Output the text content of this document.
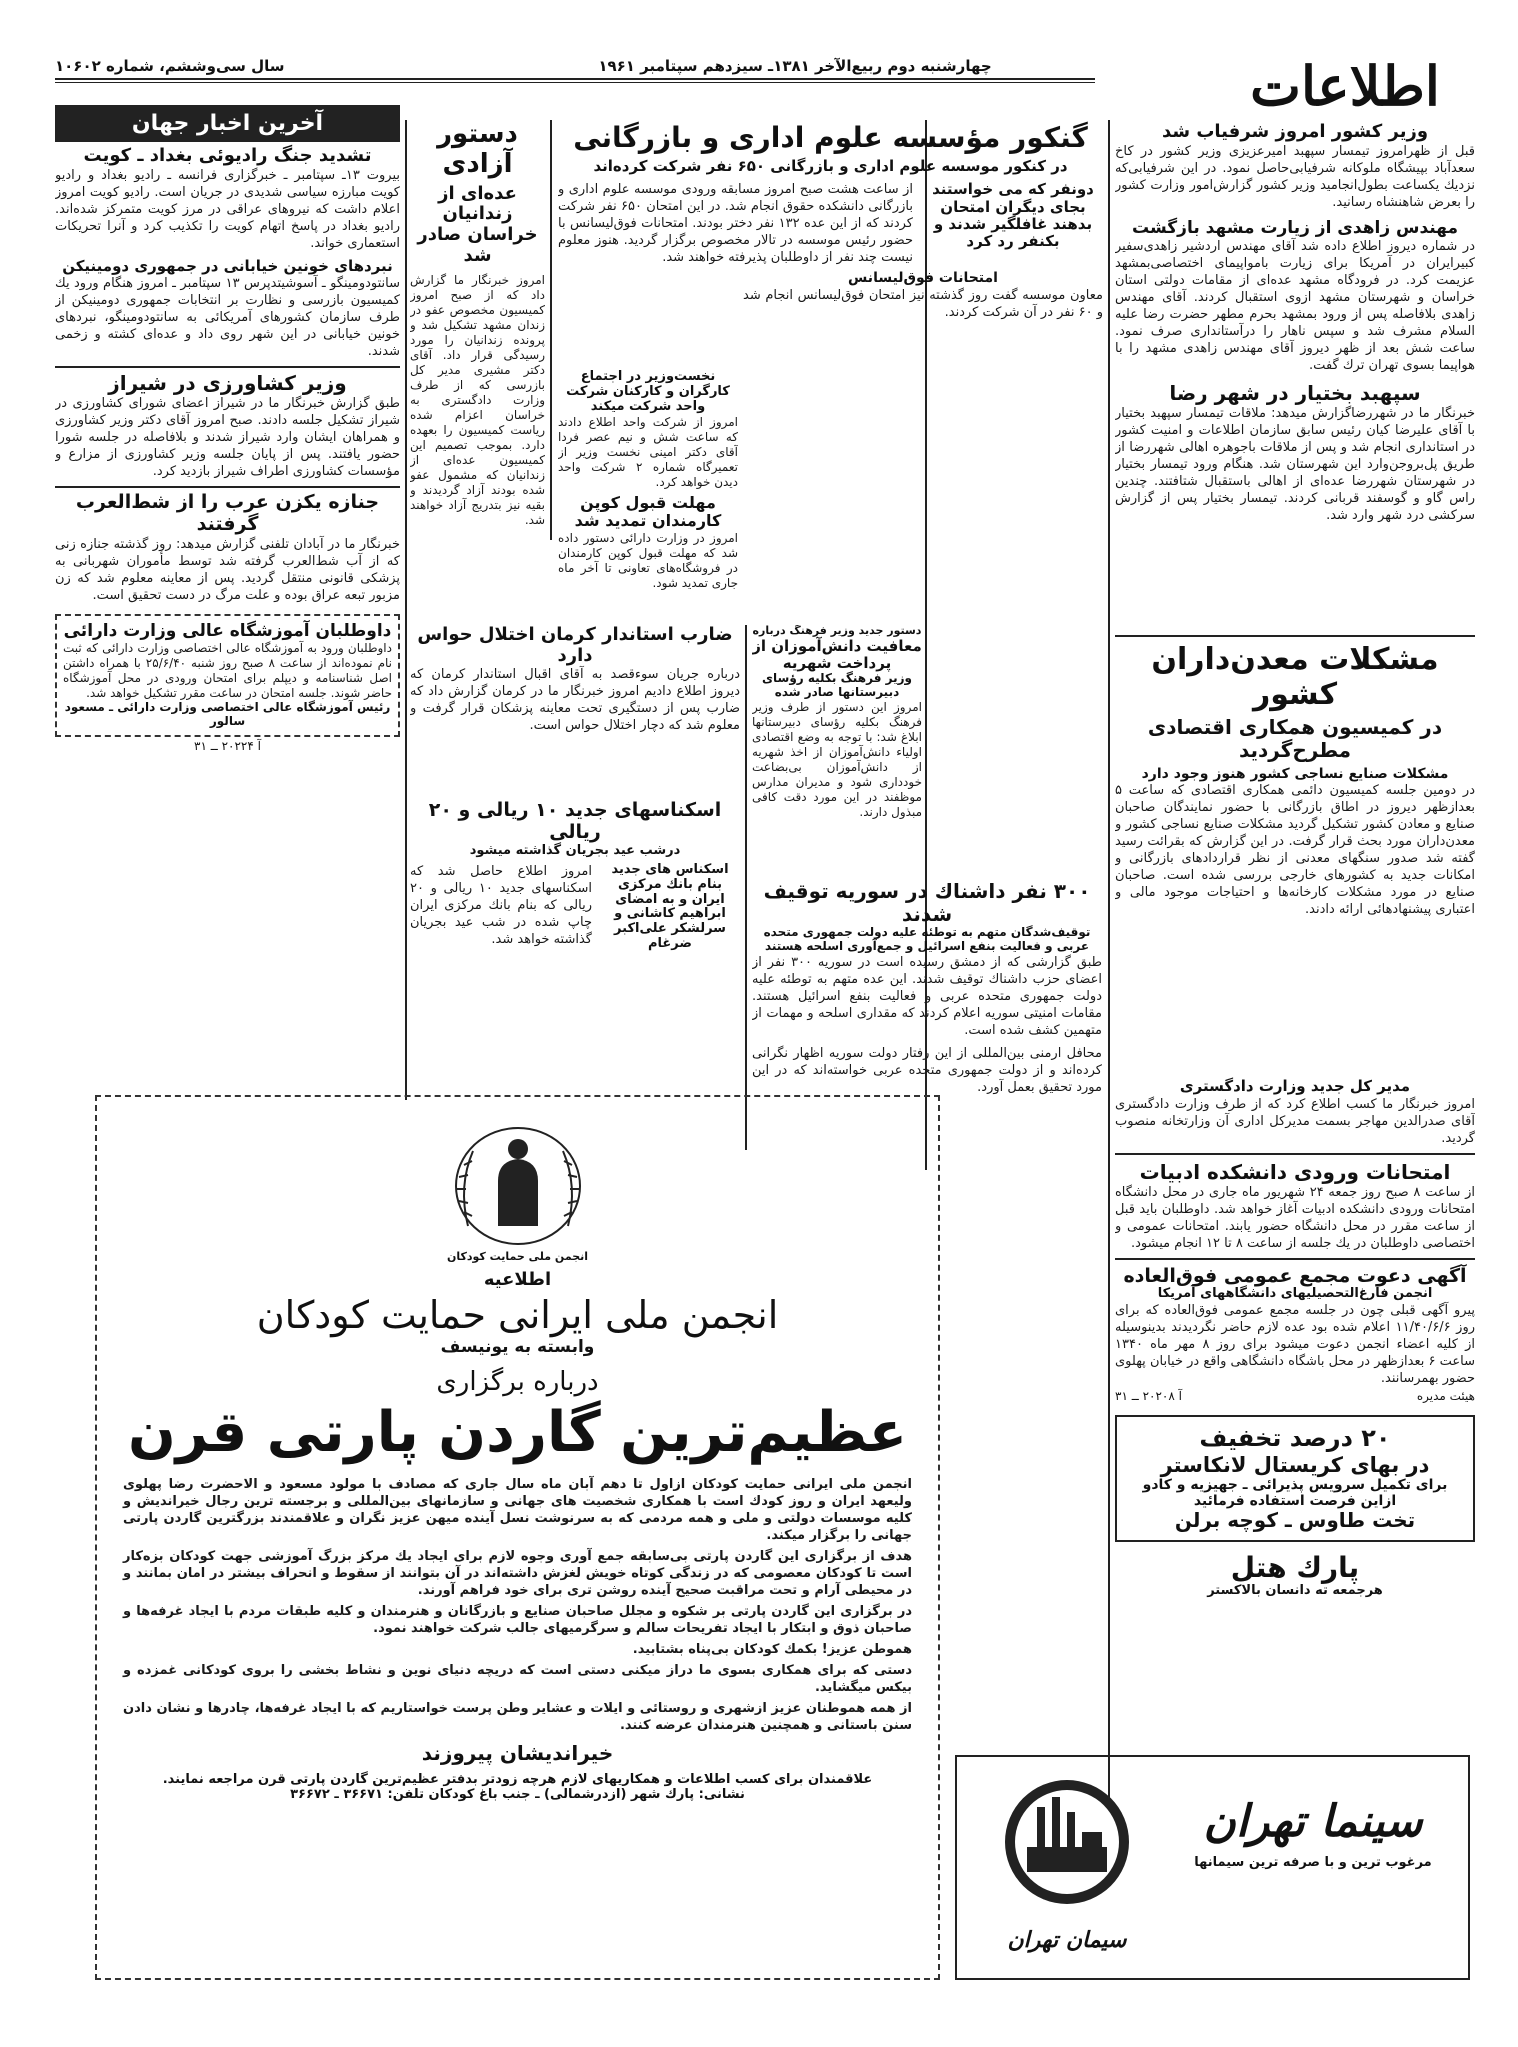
اطلاعات
چهارشنبه دوم ربیع‌الآخر ۱۳۸۱ـ سیزدهم سپتامبر ۱۹۶۱
سال سی‌وششم، شماره ۱۰۶۰۲
وزیر کشور امروز شرفیاب شد
قبل از ظهرامروز تیمسار سپهبد امیرعزیزی وزیر کشور در کاخ سعدآباد بپیشگاه ملوکانه شرفیابی‌حاصل نمود. در این شرفیابی‌که نزدیك یکساعت بطول‌انجامید وزیر کشور گزارش‌امور وزارت کشور را بعرض شاهنشاه رسانید.
مهندس زاهدی از زیارت مشهد بازگشت
در شماره دیروز اطلاع داده شد آقای مهندس اردشیر زاهدی‌سفیر کبیرایران در آمریکا برای زیارت بامواپیمای اختصاصی‌بمشهد عزیمت کرد. در فرودگاه مشهد عده‌ای از مقامات دولتی استان خراسان و شهرستان مشهد ازوی استقبال کردند. آقای مهندس زاهدی بلافاصله پس از ورود بمشهد بحرم مطهر حضرت رضا علیه السلام مشرف شد و سپس ناهار را درآستانداری صرف نمود. ساعت شش بعد از ظهر دیروز آقای مهندس زاهدی مشهد را با هواپیما بسوی تهران ترك گفت.
سپهبد بختیار در شهر رضا
خبرنگار ما در شهررضاگزارش میدهد: ملاقات تیمسار سپهبد بختیار با آقای علیرضا کیان رئیس سابق سازمان اطلاعات و امنیت کشور در استانداری انجام شد و پس از ملاقات باجوهره اهالی شهررضا از طریق پل‌بروجن‌وارد این شهرستان شد. هنگام ورود تیمسار بختیار در شهرستان شهررضا عده‌ای از اهالی باستقبال شتافتند. چندین راس گاو و گوسفند قربانی کردند. تیمسار بختیار پس از گزارش سرکشی درد شهر وارد شد.
مشکلات معدن‌داران کشور
در کمیسیون همکاری اقتصادی مطرح‌گردید
مشکلات صنایع نساجی کشور هنوز وجود دارد
در دومین جلسه کمیسیون دائمی همکاری اقتصادی که ساعت ۵ بعدازظهر دیروز در اطاق بازرگانی با حضور نمایندگان صاحبان صنایع و معادن کشور تشکیل گردید مشکلات صنایع نساجی کشور و معدن‌داران مورد بحث قرار گرفت. در این گزارش که بقرائت رسید گفته شد صدور سنگهای معدنی از نظر قراردادهای بازرگانی و امکانات جدید به کشورهای خارجی بررسی شده است. صاحبان صنایع در مورد مشکلات کارخانه‌ها و احتیاجات موجود مالی و اعتباری پیشنهادهائی ارائه دادند.
مدیر کل جدید وزارت دادگستری
امروز خبرنگار ما کسب اطلاع کرد که از طرف وزارت دادگستری آقای صدرالدین مهاجر بسمت مدیرکل اداری آن وزارتخانه منصوب گردید.
امتحانات ورودی دانشکده ادبیات
از ساعت ۸ صبح روز جمعه ۲۴ شهریور ماه جاری در محل دانشگاه امتحانات ورودی دانشکده ادبیات آغاز خواهد شد. داوطلبان باید قبل از ساعت مقرر در محل دانشگاه حضور یابند. امتحانات عمومی و اختصاصی داوطلبان در یك جلسه از ساعت ۸ تا ۱۲ انجام میشود.
آگهی دعوت مجمع عمومی فوق‌العاده
انجمن فارغ‌التحصیلیهای دانشگاههای آمریکا
پیرو آگهی قبلی چون در جلسه مجمع عمومی فوق‌العاده که برای روز ۱۱/۴۰/۶/۶ اعلام شده بود عده لازم حاضر نگردیدند بدینوسیله از کلیه اعضاء انجمن دعوت میشود برای روز ۸ مهر ماه ۱۳۴۰ ساعت ۶ بعدازظهر در محل باشگاه دانشگاهی واقع در خیابان پهلوی حضور بهمرسانند.
هیئت مدیره
آ ۲۰۲۰۸ ــ ۳۱
۲۰ درصد تخفیف
در بهای کریستال لانکاستر
برای تکمیل سرویس پذیرائی ـ جهیزیه و کادو
ازاین فرصت استفاده فرمائید
تخت طاوس ـ کوچه برلن
پارك هتل
هرجمعه ته دانسان بالاکستر
گنکور مؤسسه علوم اداری و بازرگانی
در کنکور موسسه علوم اداری و بازرگانی ۶۵۰ نفر شرکت کرده‌اند
دونفر که می خواستند بجای دیگران امتحان بدهند غافلگیر شدند و بکنفر رد کرد
از ساعت هشت صبح امروز مسابقه ورودی موسسه علوم اداری و بازرگانی دانشکده حقوق انجام شد. در این امتحان ۶۵۰ نفر شرکت کردند که از این عده ۱۳۲ نفر دختر بودند. امتحانات فوق‌لیسانس با حضور رئیس موسسه در تالار مخصوص برگزار گردید. هنوز معلوم نیست چند نفر از داوطلبان پذیرفته خواهند شد.
امتحانات فوق‌لیسانس
معاون موسسه گفت روز گذشته نیز امتحان فوق‌لیسانس انجام شد و ۶۰ نفر در آن شرکت کردند.
نخست‌وزیر در اجتماع کارگران و کارکنان شرکت واحد شرکت میکند
امروز از شرکت واحد اطلاع دادند که ساعت شش و نیم عصر فردا آقای دکتر امینی نخست وزیر از تعمیرگاه شماره ۲ شرکت واحد دیدن خواهد کرد.
مهلت قبول کوپن کارمندان تمدید شد
امروز در وزارت دارائی دستور داده شد که مهلت قبول کوپن کارمندان در فروشگاه‌های تعاونی تا آخر ماه جاری تمدید شود.
ضارب استاندار کرمان اختلال حواس دارد
درباره جریان سوءقصد به آقای اقبال استاندار کرمان که دیروز اطلاع دادیم امروز خبرنگار ما در کرمان گزارش داد که ضارب پس از دستگیری تحت معاینه پزشکان قرار گرفت و معلوم شد که دچار اختلال حواس است.
دستور جدید وزیر فرهنگ درباره
معافیت دانش‌آموزان از پرداخت شهریه
وزیر فرهنگ بکلیه رؤسای دبیرستانها صادر شده
امروز این دستور از طرف وزیر فرهنگ بکلیه رؤسای دبیرستانها ابلاغ شد: با توجه به وضع اقتصادی اولیاء دانش‌آموزان از اخذ شهریه از دانش‌آموزان بی‌بضاعت خودداری شود و مدیران مدارس موظفند در این مورد دقت کافی مبذول دارند.
اسکناسهای جدید ۱۰ ریالی و ۲۰ ریالی
درشب عید بجریان گذاشته میشود
اسکناس های جدید بنام بانك مرکزی ایران و به امضای ابراهیم کاشانی و سرلشکر علی‌اکبر ضرغام
امروز اطلاع حاصل شد که اسکناسهای جدید ۱۰ ریالی و ۲۰ ریالی که بنام بانك مرکزی ایران چاپ شده در شب عید بجریان گذاشته خواهد شد.
۳۰۰ نفر داشناك در سوریه توقیف شدند
توقیف‌شدگان متهم به توطئه علیه دولت جمهوری متحده عربی و فعالیت بنفع اسرائیل و جمع‌آوری اسلحه هستند
طبق گزارشی که از دمشق رسیده است در سوریه ۳۰۰ نفر از اعضای حزب داشناك توقیف شدند. این عده متهم به توطئه علیه دولت جمهوری متحده عربی و فعالیت بنفع اسرائیل هستند. مقامات امنیتی سوریه اعلام کردند که مقداری اسلحه و مهمات از متهمین کشف شده است.
محافل ارمنی بین‌المللی از این رفتار دولت سوریه اظهار نگرانی کرده‌اند و از دولت جمهوری متحده عربی خواسته‌اند که در این مورد تحقیق بعمل آورد.
دستور آزادی
عده‌ای از زندانیان خراسان صادر شد
امروز خبرنگار ما گزارش داد که از صبح امروز کمیسیون مخصوص عفو در زندان مشهد تشکیل شد و پرونده زندانیان را مورد رسیدگی قرار داد. آقای دکتر مشیری مدیر کل بازرسی که از طرف وزارت دادگستری به خراسان اعزام شده ریاست کمیسیون را بعهده دارد. بموجب تصمیم این کمیسیون عده‌ای از زندانیان که مشمول عفو شده بودند آزاد گردیدند و بقیه نیز بتدریج آزاد خواهند شد.
آخرین اخبار جهان
تشدید جنگ رادیوئی بغداد ـ کویت
بیروت ۱۳ـ سپتامبر ـ خبرگزاری فرانسه ـ رادیو بغداد و رادیو کویت مبارزه سیاسی شدیدی در جریان است. رادیو کویت امروز اعلام داشت که نیروهای عراقی در مرز کویت متمرکز شده‌اند. رادیو بغداد در پاسخ اتهام کویت را تکذیب کرد و آنرا تحریکات استعماری خواند.
نبردهای خونین خیابانی در جمهوری دومینیکن
سانتودومینگو ـ آسوشیتدپرس ۱۳ سپتامبر ـ امروز هنگام ورود یك کمیسیون بازرسی و نظارت بر انتخابات جمهوری دومینیکن از طرف سازمان کشورهای آمریکائی به سانتودومینگو، نبردهای خونین خیابانی در این شهر روی داد و عده‌ای کشته و زخمی شدند.
وزیر کشاورزی در شیراز
طبق گزارش خبرنگار ما در شیراز اعضای شورای کشاورزی در شیراز تشکیل جلسه دادند. صبح امروز آقای دکتر وزیر کشاورزی و همراهان ایشان وارد شیراز شدند و بلافاصله در جلسه شورا حضور یافتند. پس از پایان جلسه وزیر کشاورزی از مزارع و مؤسسات کشاورزی اطراف شیراز بازدید کرد.
جنازه یکزن عرب را از شط‌العرب گرفتند
خبرنگار ما در آبادان تلفنی گزارش میدهد: روز گذشته جنازه زنی که از آب شط‌العرب گرفته شد توسط مأموران شهربانی به پزشکی قانونی منتقل گردید. پس از معاینه معلوم شد که زن مزبور تبعه عراق بوده و علت مرگ در دست تحقیق است.
داوطلبان آموزشگاه عالی وزارت دارائی
داوطلبان ورود به آموزشگاه عالی اختصاصی وزارت دارائی که ثبت نام نموده‌اند از ساعت ۸ صبح روز شنبه ۲۵/۶/۴۰ با همراه داشتن اصل شناسنامه و دیپلم برای امتحان ورودی در محل آموزشگاه حاضر شوند. جلسه امتحان در ساعت مقرر تشکیل خواهد شد.
رئیس آموزشگاه عالی اختصاصی وزارت دارائی ـ مسعود سالور
آ ۲۰۲۲۴ ــ ۳۱
انجمن ملی حمایت کودکان
اطلاعیه
انجمن ملی ایرانی حمایت کودکان
وابسته به یونیسف
درباره برگزاری
عظیم‌ترین گاردن پارتی قرن
انجمن ملی ایرانی حمایت کودکان ازاول تا دهم آبان ماه سال جاری که مصادف با مولود مسعود و الاحضرت رضا پهلوی ولیعهد ایران و روز کودك است با همکاری شخصیت های جهانی و سازمانهای بین‌المللی و برجسته ترین رجال خیراندیش و کلیه موسسات دولتی و ملی و همه مردمی که به سرنوشت نسل آینده میهن عزیز نگران و علاقمندند بزرگترین گاردن پارتی جهانی را برگزار میکند.
هدف از برگزاری این گاردن پارتی بی‌سابقه جمع آوری وجوه لازم برای ایجاد یك مرکز بزرگ آموزشی جهت کودکان بزه‌کار است تا کودکان معصومی که در زندگی کوتاه خویش لغزش داشته‌اند در آن بتوانند از سقوط و انحراف بیشتر در امان بمانند و در محیطی آرام و تحت مراقبت صحیح آینده روشن تری برای خود فراهم آورند.
در برگزاری این گاردن پارتی بر شکوه و مجلل صاحبان صنایع و بازرگانان و هنرمندان و کلیه طبقات مردم با ایجاد غرفه‌ها و صاحبان ذوق و ابتکار با ایجاد تفریحات سالم و سرگرمیهای جالب شرکت خواهند نمود.
هموطن عزیز! بکمك کودکان بی‌پناه بشتابید.
دستی که برای همکاری بسوی ما دراز میکنی دستی است که دریچه دنیای نوین و نشاط بخشی را بروی کودکانی غمزده و بیکس میگشاید.
از همه هموطنان عزیز ازشهری و روستائی و ایلات و عشایر وطن پرست خواستاریم که با ایجاد غرفه‌ها، چادرها و نشان دادن سنن باستانی و همچنین هنرمندان عرضه کنند.
خیراندیشان پیروزند
علاقمندان برای کسب اطلاعات و همکاریهای لازم هرچه زودتر بدفتر عظیم‌ترین گاردن پارتی قرن مراجعه نمایند.
نشانی: پارك شهر (ازدرشمالی) ـ جنب باغ کودکان تلفن: ۳۶۶۷۱ ـ ۳۶۶۷۲
سینما تهران
مرغوب ترین و با صرفه ترین سیمانها
سیمان تهران
